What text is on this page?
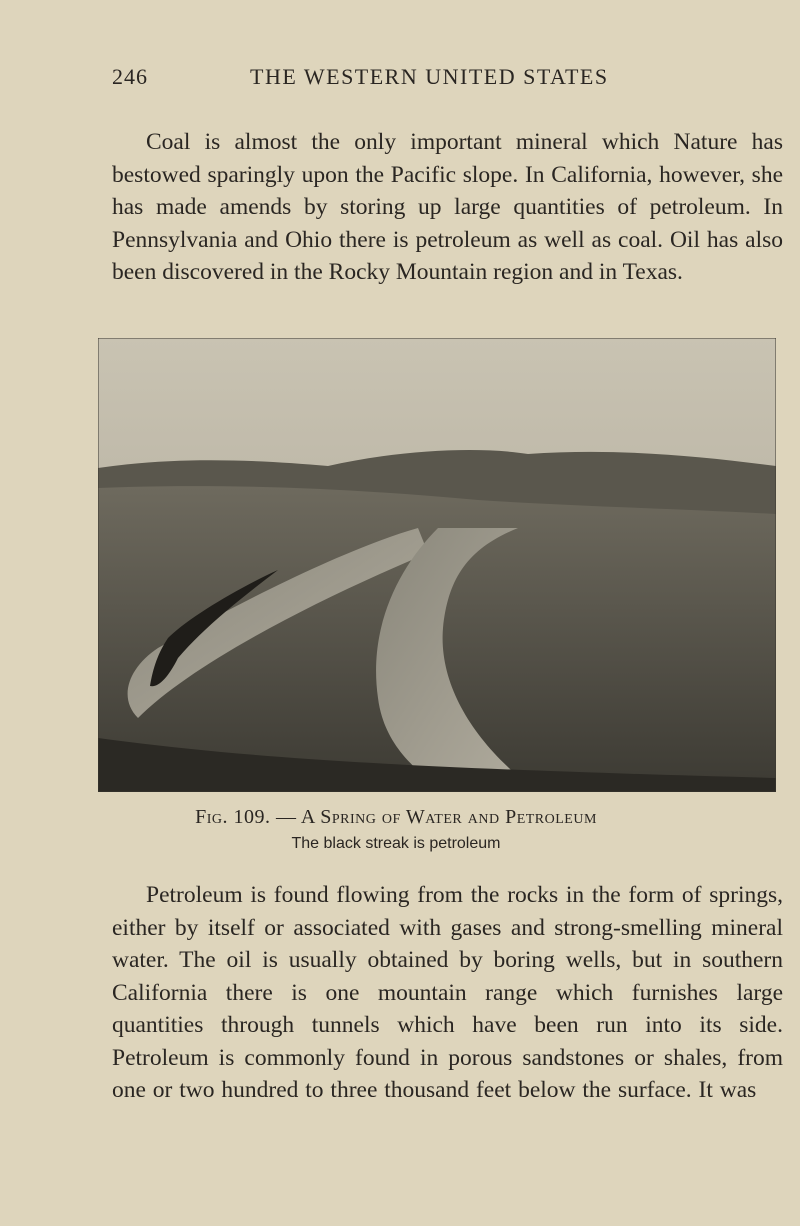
246	THE WESTERN UNITED STATES

Coal is almost the only important mineral which Nature has bestowed sparingly upon the Pacific slope. In California, however, she has made amends by storing up large quantities of petroleum. In Pennsylvania and Ohio there is petroleum as well as coal. Oil has also been discovered in the Rocky Mountain region and in Texas.

Fig. 109. — A Spring of Water and Petroleum
The black streak is petroleum

Petroleum is found flowing from the rocks in the form of springs, either by itself or associated with gases and strong-smelling mineral water. The oil is usually obtained by boring wells, but in southern California there is one mountain range which furnishes large quantities through tunnels which have been run into its side. Petroleum is commonly found in porous sandstones or shales, from one or two hundred to three thousand feet below the surface. It was
